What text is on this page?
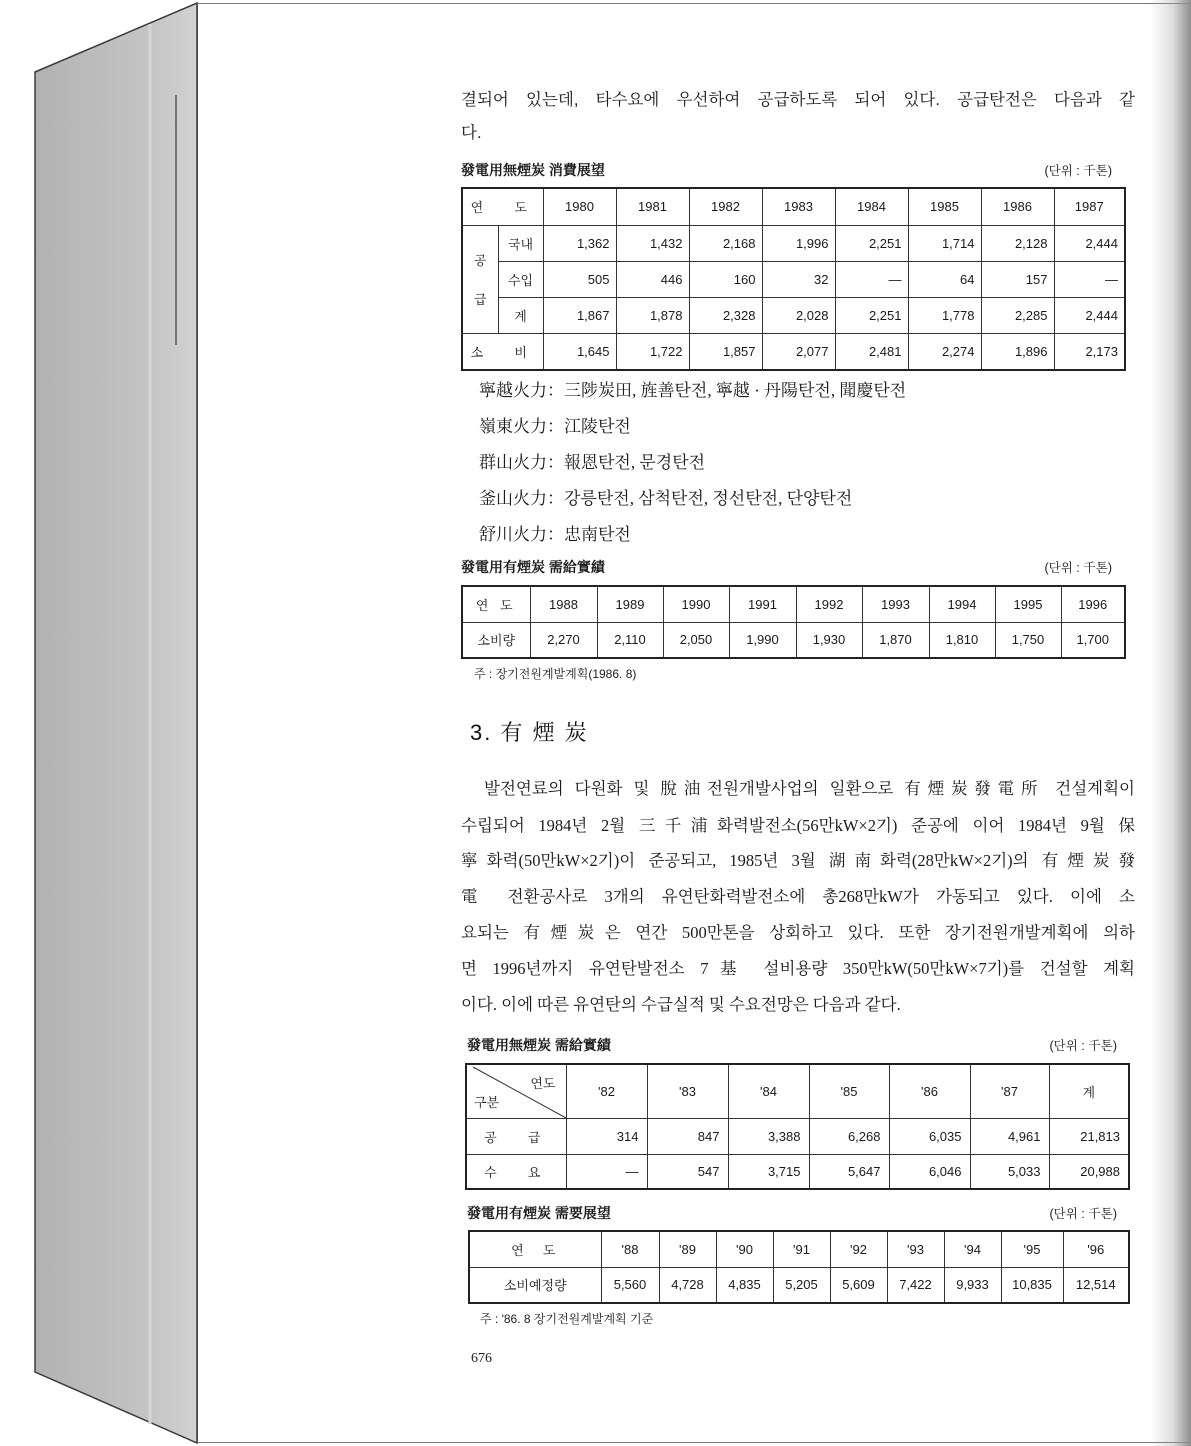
결되어 있는데, 타수요에 우선하여 공급하도록 되어 있다. 공급탄전은 다음과 같
다.
發電用無煙炭 消費展望	(단위 : 千톤)
연  도		1980	1981	1982	1983	1984	1985	1986	1987

공
급	국내	1,362	1,432	2,168	1,996	2,251	1,714	2,128	2,444
	수입	505	446	160	32	—	64	157	—
	계	1,867	1,878	2,328	2,028	2,251	1,778	2,285	2,444
소  비		1,645	1,722	1,857	2,077	2,481	2,274	1,896	2,173
寧越火力：三陟炭田, 旌善탄전, 寧越 · 丹陽탄전, 聞慶탄전
嶺東火力：江陵탄전
群山火力：報恩탄전, 문경탄전
釜山火力：강릉탄전, 삼척탄전, 정선탄전, 단양탄전
舒川火力：忠南탄전
發電用有煙炭 需給實績	(단위 : 千톤)
연 도	1988	1989	1990	1991	1992	1993	1994	1995	1996
소비량	2,270	2,110	2,050	1,990	1,930	1,870	1,810	1,750	1,700
주 : 장기전원계발계획(1986. 8)
3. 有 煙 炭
발전연료의 다원화 및 脫油전원개발사업의 일환으로 有煙炭發電所 건설계획이
수립되어 1984년 2월 三千浦화력발전소(56만kW×2기) 준공에 이어 1984년 9월 保
寧화력(50만kW×2기)이 준공되고, 1985년 3월 湖南화력(28만kW×2기)의 有煙炭發
電 전환공사로 3개의 유연탄화력발전소에 총268만kW가 가동되고 있다. 이에 소
요되는 有煙炭은 연간 500만톤을 상회하고 있다. 또한 장기전원개발계획에 의하
면 1996년까지 유연탄발전소 7基 설비용량 350만kW(50만kW×7기)를 건설할 계획
이다. 이에 따른 유연탄의 수급실적 및 수요전망은 다음과 같다.
發電用無煙炭 需給實績	(단위 : 千톤)
연도
구분	'82	'83	'84	'85	'86	'87	계
공  급	314	847	3,388	6,268	6,035	4,961	21,813
수  요	—	547	3,715	5,647	6,046	5,033	20,988
發電用有煙炭 需要展望	(단위 : 千톤)
연  도	'88	'89	'90	'91	'92	'93	'94	'95	'96
소비예정량	5,560	4,728	4,835	5,205	5,609	7,422	9,933	10,835	12,514
주 : '86. 8 장기전원계발계획 기준
676
